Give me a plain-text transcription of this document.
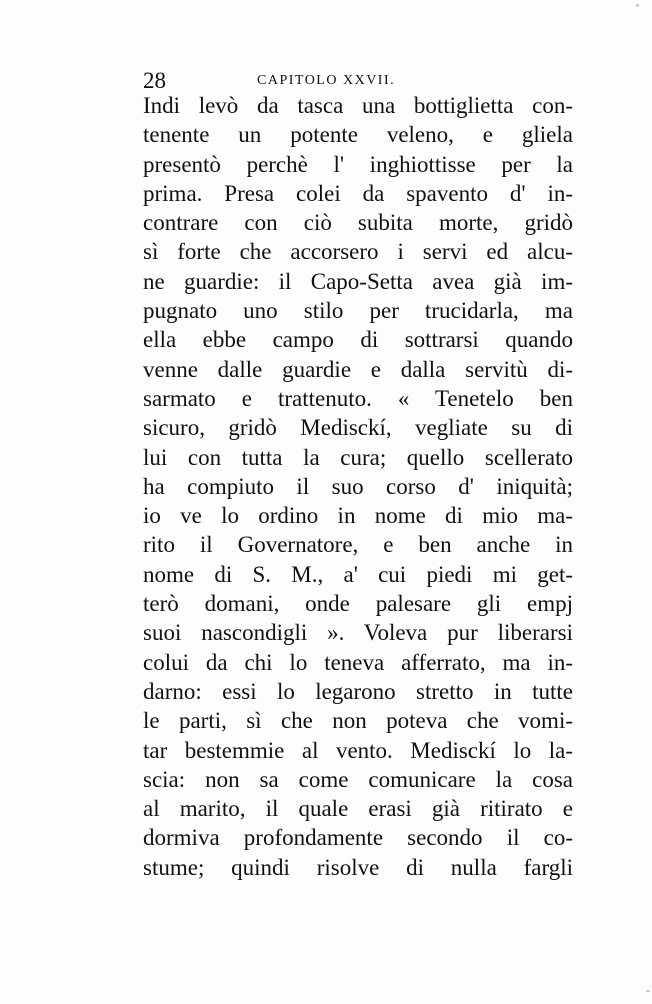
28	CAPITOLO XXVII.
Indi levò da tasca una bottiglietta con-
tenente un potente veleno, e gliela
presentò perchè l' inghiottisse per la
prima. Presa colei da spavento d' in-
contrare con ciò subita morte, gridò
sì forte che accorsero i servi ed alcu-
ne guardie: il Capo-Setta avea già im-
pugnato uno stilo per trucidarla, ma
ella ebbe campo di sottrarsi quando
venne dalle guardie e dalla servitù di-
sarmato e trattenuto. « Tenetelo ben
sicuro, gridò Medisckí, vegliate su di
lui con tutta la cura; quello scellerato
ha compiuto il suo corso d' iniquità;
io ve lo ordino in nome di mio ma-
rito il Governatore, e ben anche in
nome di S. M., a' cui piedi mi get-
terò domani, onde palesare gli empj
suoi nascondigli ». Voleva pur liberarsi
colui da chi lo teneva afferrato, ma in-
darno: essi lo legarono stretto in tutte
le parti, sì che non poteva che vomi-
tar bestemmie al vento. Medisckí lo la-
scia: non sa come comunicare la cosa
al marito, il quale erasi già ritirato e
dormiva profondamente secondo il co-
stume; quindi risolve di nulla fargli
